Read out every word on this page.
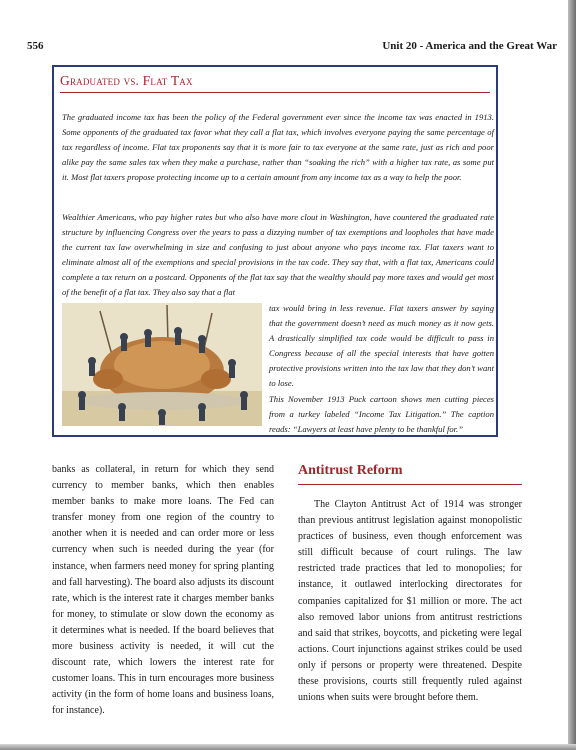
556	Unit 20 - America and the Great War
Graduated vs. Flat Tax

The graduated income tax has been the policy of the Federal government ever since the income tax was enacted in 1913. Some opponents of the graduated tax favor what they call a flat tax, which involves everyone paying the same percentage of tax regardless of income. Flat tax proponents say that it is more fair to tax everyone at the same rate, just as rich and poor alike pay the same sales tax when they make a purchase, rather than “soaking the rich” with a higher tax rate, as some put it. Most flat taxers propose protecting income up to a certain amount from any income tax as a way to help the poor.

Wealthier Americans, who pay higher rates but who also have more clout in Washington, have countered the graduated rate structure by influencing Congress over the years to pass a dizzying number of tax exemptions and loopholes that have made the current tax law overwhelming in size and confusing to just about anyone who pays income tax. Flat taxers want to eliminate almost all of the exemptions and special provisions in the tax code. They say that, with a flat tax, Americans could complete a tax return on a postcard. Opponents of the flat tax say that the wealthy should pay more taxes and would get most of the benefit of a flat tax. They also say that a flat

tax would bring in less revenue. Flat taxers answer by saying that the government doesn’t need as much money as it now gets. A drastically simplified tax code would be difficult to pass in Congress because of all the special interests that have gotten protective provisions written into the tax law that they don’t want to lose.

This November 1913 Puck cartoon shows men cutting pieces from a turkey labeled “Income Tax Litigation.” The caption reads: “Lawyers at least have plenty to be thankful for.”

banks as collateral, in return for which they send currency to member banks, which then enables member banks to make more loans. The Fed can transfer money from one region of the country to another when it is needed and can order more or less currency when such is needed during the year (for instance, when farmers need money for spring planting and fall harvesting). The board also adjusts its discount rate, which is the interest rate it charges member banks for money, to stimulate or slow down the economy as it determines what is needed. If the board believes that more business activity is needed, it will cut the discount rate, which lowers the interest rate for customer loans. This in turn encourages more business activity (in the form of home loans and business loans, for instance).

Antitrust Reform

The Clayton Antitrust Act of 1914 was stronger than previous antitrust legislation against monopolistic practices of business, even though enforcement was still difficult because of court rulings. The law restricted trade practices that led to monopolies; for instance, it outlawed interlocking directorates for companies capitalized for $1 million or more. The act also removed labor unions from antitrust restrictions and said that strikes, boycotts, and picketing were legal actions. Court injunctions against strikes could be used only if persons or property were threatened. Despite these provisions, courts still frequently ruled against unions when suits were brought before them.
